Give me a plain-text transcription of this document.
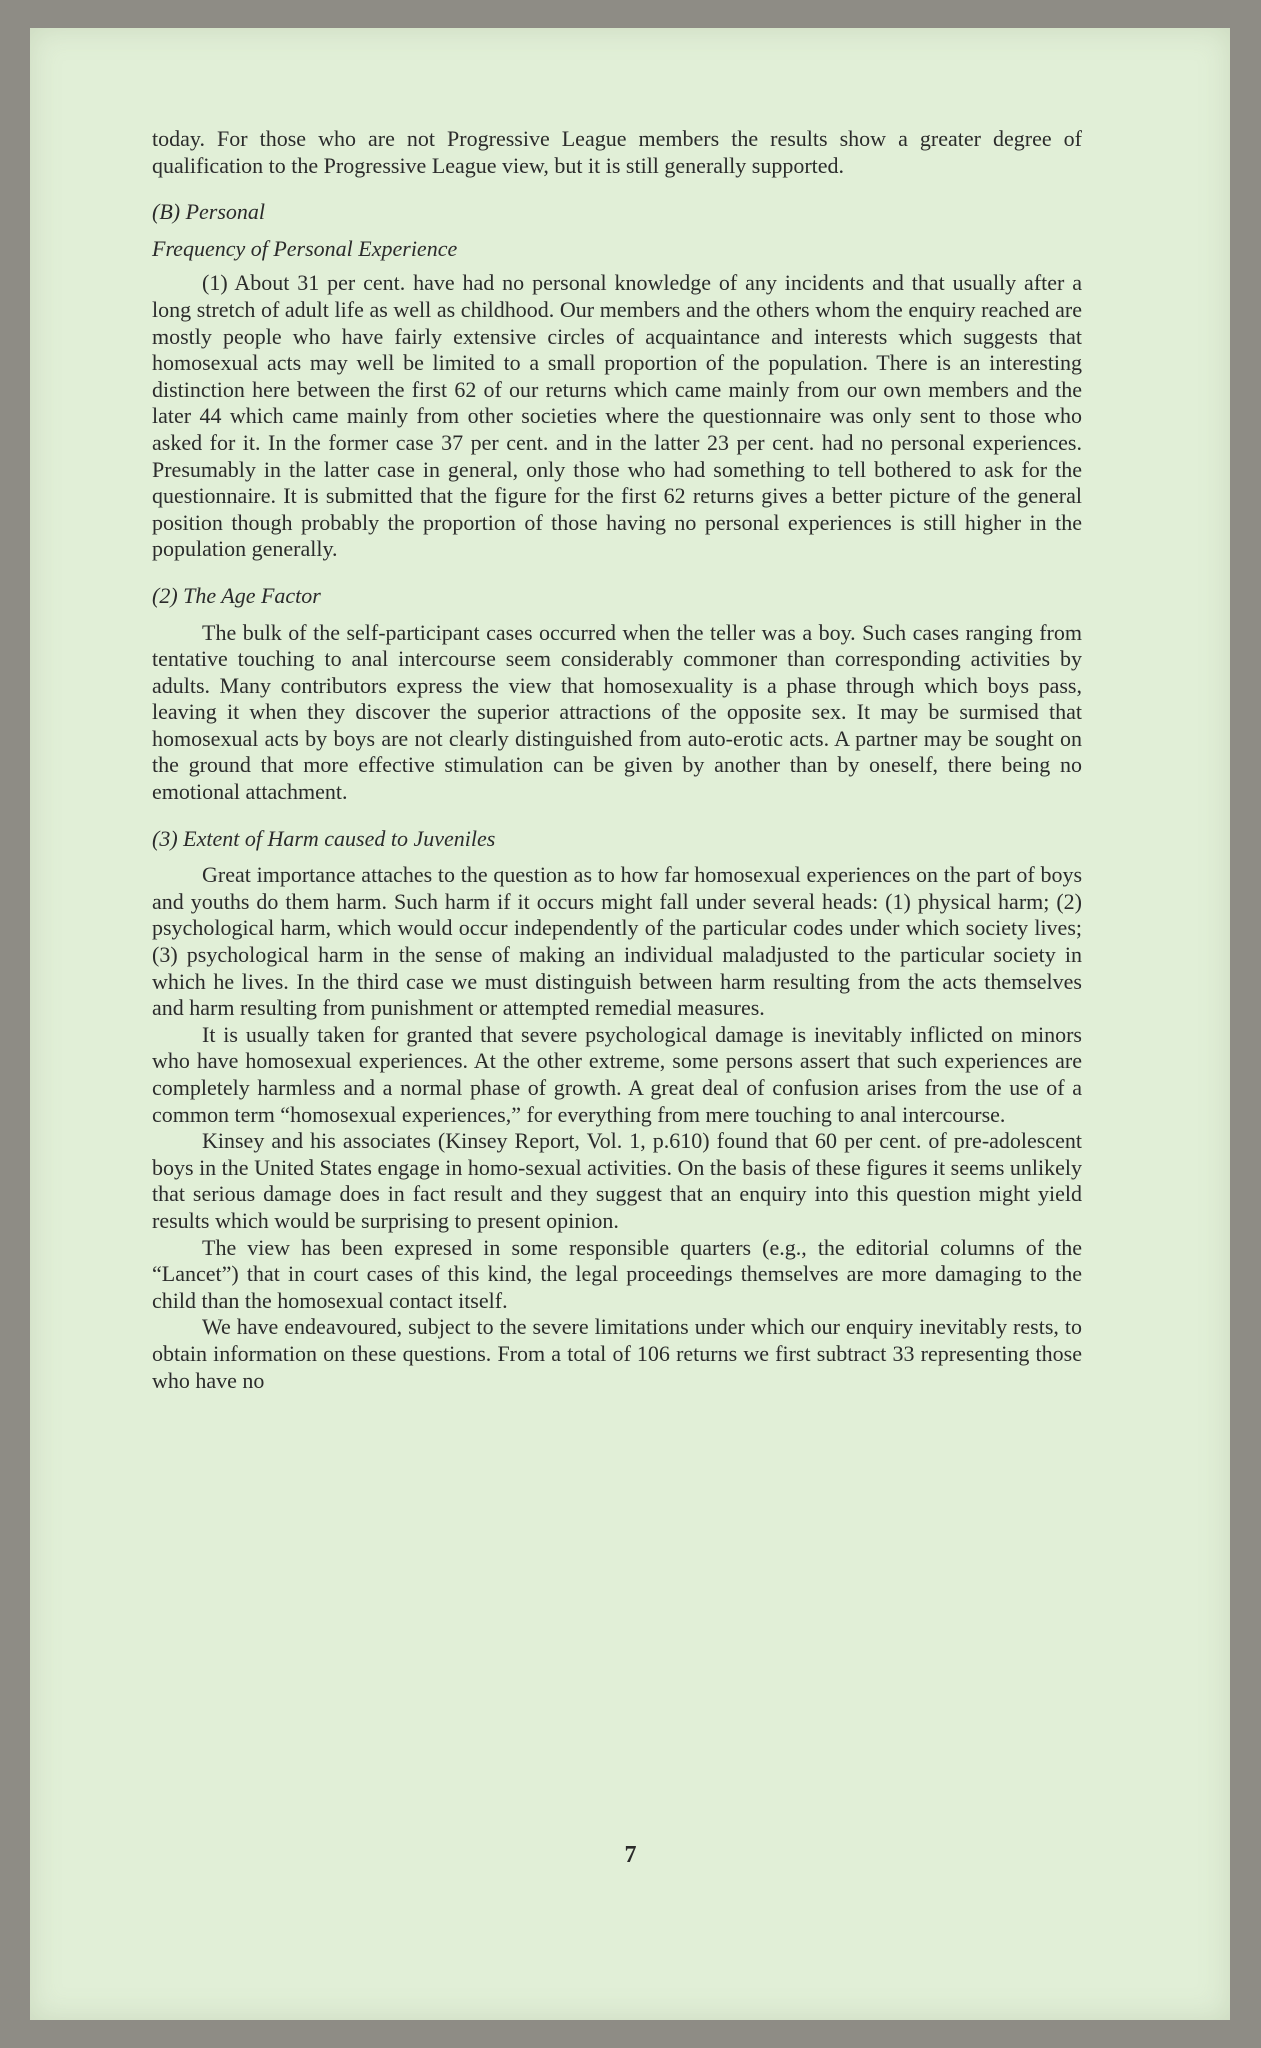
today. For those who are not Progressive League members the results show a greater degree of qualification to the Progressive League view, but it is still generally supported.

(B) Personal
Frequency of Personal Experience

(1) About 31 per cent. have had no personal knowledge of any incidents and that usually after a long stretch of adult life as well as childhood. Our members and the others whom the enquiry reached are mostly people who have fairly extensive circles of acquaintance and interests which suggests that homosexual acts may well be limited to a small proportion of the population. There is an interesting distinction here between the first 62 of our returns which came mainly from our own members and the later 44 which came mainly from other societies where the questionnaire was only sent to those who asked for it. In the former case 37 per cent. and in the latter 23 per cent. had no personal experiences. Presumably in the latter case in general, only those who had something to tell bothered to ask for the questionnaire. It is submitted that the figure for the first 62 returns gives a better picture of the general position though probably the proportion of those having no personal experiences is still higher in the population generally.

(2) The Age Factor

The bulk of the self-participant cases occurred when the teller was a boy. Such cases ranging from tentative touching to anal intercourse seem considerably commoner than corresponding activities by adults. Many contributors express the view that homosexuality is a phase through which boys pass, leaving it when they discover the superior attractions of the opposite sex. It may be surmised that homosexual acts by boys are not clearly distinguished from auto-erotic acts. A partner may be sought on the ground that more effective stimulation can be given by another than by oneself, there being no emotional attachment.

(3) Extent of Harm caused to Juveniles

Great importance attaches to the question as to how far homosexual experiences on the part of boys and youths do them harm. Such harm if it occurs might fall under several heads: (1) physical harm; (2) psychological harm, which would occur independently of the particular codes under which society lives; (3) psychological harm in the sense of making an individual maladjusted to the particular society in which he lives. In the third case we must distinguish between harm resulting from the acts themselves and harm resulting from punishment or attempted remedial measures.

It is usually taken for granted that severe psychological damage is inevitably inflicted on minors who have homosexual experiences. At the other extreme, some persons assert that such experiences are completely harmless and a normal phase of growth. A great deal of confusion arises from the use of a common term “homosexual experiences,” for everything from mere touching to anal intercourse.

Kinsey and his associates (Kinsey Report, Vol. 1, p.610) found that 60 per cent. of pre-adolescent boys in the United States engage in homo-sexual activities. On the basis of these figures it seems unlikely that serious damage does in fact result and they suggest that an enquiry into this question might yield results which would be surprising to present opinion.

The view has been expresed in some responsible quarters (e.g., the editorial columns of the “Lancet”) that in court cases of this kind, the legal proceedings themselves are more damaging to the child than the homosexual contact itself.

We have endeavoured, subject to the severe limitations under which our enquiry inevitably rests, to obtain information on these questions. From a total of 106 returns we first subtract 33 representing those who have no

7
